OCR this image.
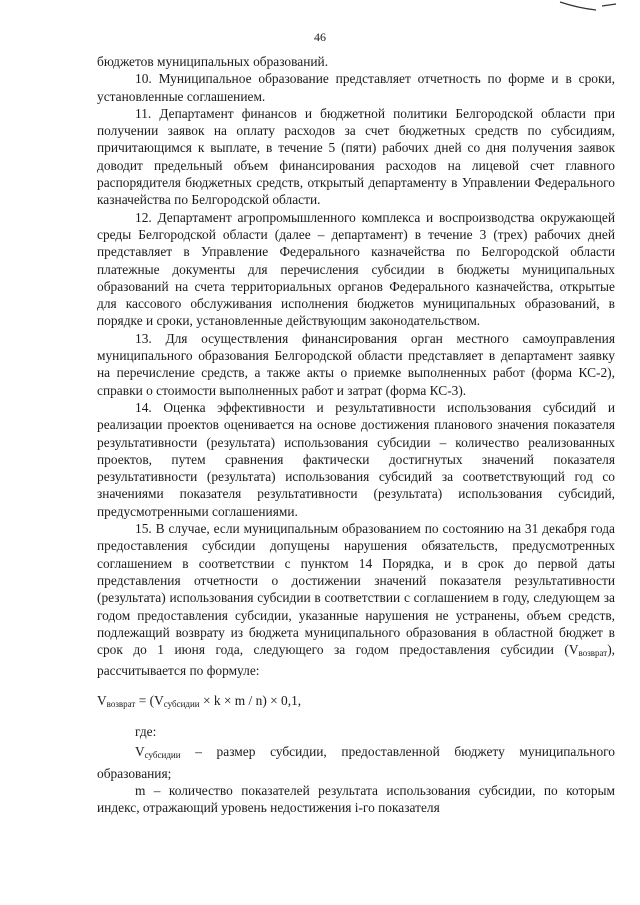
46

бюджетов муниципальных образований.

10. Муниципальное образование представляет отчетность по форме и в сроки, установленные соглашением.

11. Департамент финансов и бюджетной политики Белгородской области при получении заявок на оплату расходов за счет бюджетных средств по субсидиям, причитающимся к выплате, в течение 5 (пяти) рабочих дней со дня получения заявок доводит предельный объем финансирования расходов на лицевой счет главного распорядителя бюджетных средств, открытый департаменту в Управлении Федерального казначейства по Белгородской области.

12. Департамент агропромышленного комплекса и воспроизводства окружающей среды Белгородской области (далее – департамент) в течение 3 (трех) рабочих дней представляет в Управление Федерального казначейства по Белгородской области платежные документы для перечисления субсидии в бюджеты муниципальных образований на счета территориальных органов Федерального казначейства, открытые для кассового обслуживания исполнения бюджетов муниципальных образований, в порядке и сроки, установленные действующим законодательством.

13. Для осуществления финансирования орган местного самоуправления муниципального образования Белгородской области представляет в департамент заявку на перечисление средств, а также акты о приемке выполненных работ (форма КС-2), справки о стоимости выполненных работ и затрат (форма КС-3).

14. Оценка эффективности и результативности использования субсидий и реализации проектов оценивается на основе достижения планового значения показателя результативности (результата) использования субсидии – количество реализованных проектов, путем сравнения фактически достигнутых значений показателя результативности (результата) использования субсидий за соответствующий год со значениями показателя результативности (результата) использования субсидий, предусмотренными соглашениями.

15. В случае, если муниципальным образованием по состоянию на 31 декабря года предоставления субсидии допущены нарушения обязательств, предусмотренных соглашением в соответствии с пунктом 14 Порядка, и в срок до первой даты представления отчетности о достижении значений показателя результативности (результата) использования субсидии в соответствии с соглашением в году, следующем за годом предоставления субсидии, указанные нарушения не устранены, объем средств, подлежащий возврату из бюджета муниципального образования в областной бюджет в срок до 1 июня года, следующего за годом предоставления субсидии $(V_{возврат})$, рассчитывается по формуле:

$V_{возврат} = (V_{субсидии} \times k \times m / n) \times 0,1$,

где:

$V_{субсидии}$ – размер субсидии, предоставленной бюджету муниципального образования;

m – количество показателей результата использования субсидии, по которым индекс, отражающий уровень недостижения i-го показателя
